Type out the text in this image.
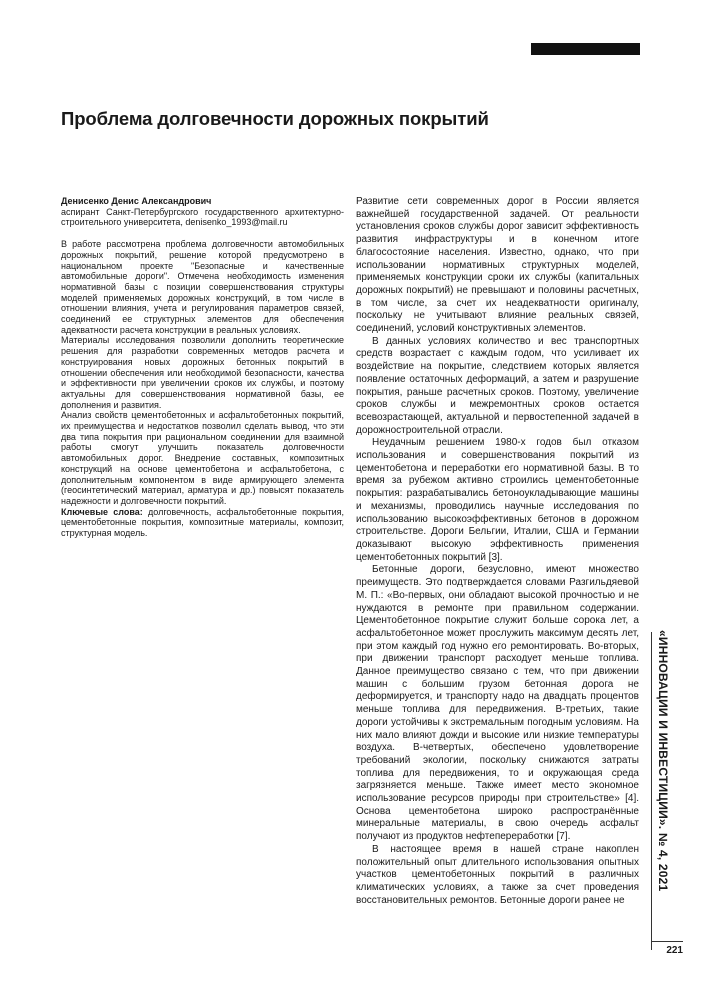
Проблема долговечности дорожных покрытий

Денисенко Денис Александрович

аспирант Санкт-Петербургского государственного архитектурно-строительного университета, denisenko_1993@mail.ru

В работе рассмотрена проблема долговечности автомобильных дорожных покрытий, решение которой предусмотрено в национальном проекте "Безопасные и качественные автомобильные дороги". Отмечена необходимость изменения нормативной базы с позиции совершенствования структуры моделей применяемых дорожных конструкций, в том числе в отношении влияния, учета и регулирования параметров связей, соединений ее структурных элементов для обеспечения адекватности расчета конструкции в реальных условиях.

Материалы исследования позволили дополнить теоретические решения для разработки современных методов расчета и конструирования новых дорожных бетонных покрытий в отношении обеспечения или необходимой безопасности, качества и эффективности при увеличении сроков их службы, и поэтому актуальны для совершенствования нормативной базы, ее дополнения и развития.

Анализ свойств цементобетонных и асфальтобетонных покрытий, их преимущества и недостатков позволил сделать вывод, что эти два типа покрытия при рациональном соединении для взаимной работы смогут улучшить показатель долговечности автомобильных дорог. Внедрение составных, композитных конструкций на основе цементобетона и асфальтобетона, с дополнительным компонентом в виде армирующего элемента (геосинтетический материал, арматура и др.) повысят показатель надежности и долговечности покрытий.

Ключевые слова: долговечность, асфальтобетонные покрытия, цементобетонные покрытия, композитные материалы, композит, структурная модель.

Развитие сети современных дорог в России является важнейшей государственной задачей. От реальности установления сроков службы дорог зависит эффективность развития инфраструктуры и в конечном итоге благосостояние населения. Известно, однако, что при использовании нормативных структурных моделей, применяемых конструкции сроки их службы (капитальных дорожных покрытий) не превышают и половины расчетных, в том числе, за счет их неадекватности оригиналу, поскольку не учитывают влияние реальных связей, соединений, условий конструктивных элементов.

В данных условиях количество и вес транспортных средств возрастает с каждым годом, что усиливает их воздействие на покрытие, следствием которых является появление остаточных деформаций, а затем и разрушение покрытия, раньше расчетных сроков. Поэтому, увеличение сроков службы и межремонтных сроков остается всевозрастающей, актуальной и первостепенной задачей в дорожностроительной отрасли.

Неудачным решением 1980-х годов был отказом использования и совершенствования покрытий из цементобетона и переработки его нормативной базы. В то время за рубежом активно строились цементобетонные покрытия: разрабатывались бетоноукладывающие машины и механизмы, проводились научные исследования по использованию высокоэффективных бетонов в дорожном строительстве. Дороги Бельгии, Италии, США и Германии доказывают высокую эффективность применения цементобетонных покрытий [3].

Бетонные дороги, безусловно, имеют множество преимуществ. Это подтверждается словами Разгильдяевой М. П.: «Во-первых, они обладают высокой прочностью и не нуждаются в ремонте при правильном содержании. Цементобетонное покрытие служит больше сорока лет, а асфальтобетонное может прослужить максимум десять лет, при этом каждый год нужно его ремонтировать. Во-вторых, при движении транспорт расходует меньше топлива. Данное преимущество связано с тем, что при движении машин с большим грузом бетонная дорога не деформируется, и транспорту надо на двадцать процентов меньше топлива для передвижения. В-третьих, такие дороги устойчивы к экстремальным погодным условиям. На них мало влияют дожди и высокие или низкие температуры воздуха. В-четвертых, обеспечено удовлетворение требований экологии, поскольку снижаются затраты топлива для передвижения, то и окружающая среда загрязняется меньше. Также имеет место экономное использование ресурсов природы при строительстве» [4]. Основа цементобетона широко распространённые минеральные материалы, в свою очередь асфальт получают из продуктов нефтепереработки [7].

В настоящее время в нашей стране накоплен положительный опыт длительного использования опытных участков цементобетонных покрытий в различных климатических условиях, а также за счет проведения восстановительных ремонтов. Бетонные дороги ранее не

«ИННОВАЦИИ И ИНВЕСТИЦИИ». № 4, 2021
221
